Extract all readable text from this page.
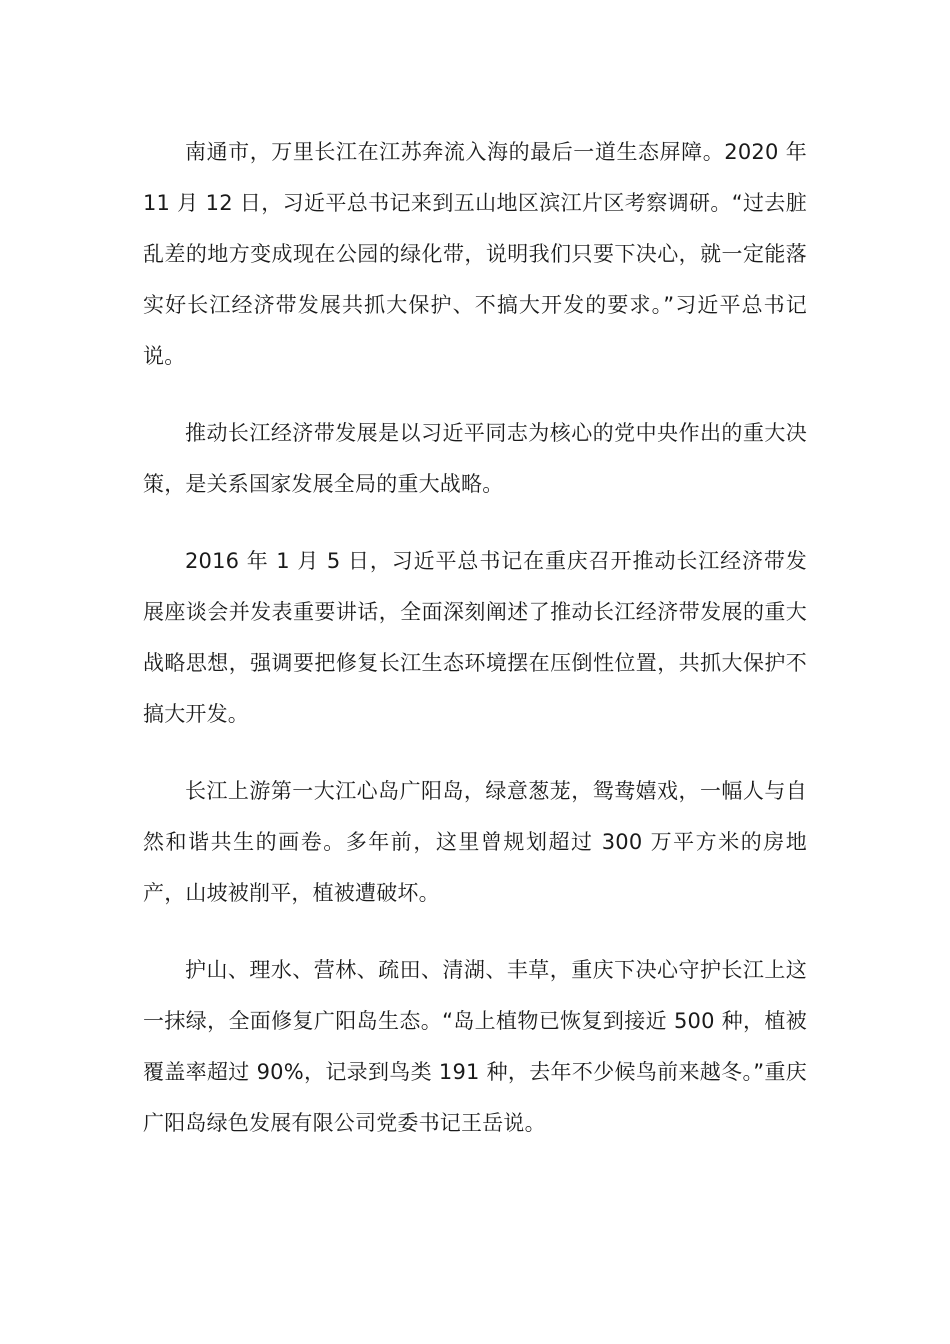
南通市，万里长江在江苏奔流入海的最后一道生态屏障。2020 年 11 月 12 日，习近平总书记来到五山地区滨江片区考察调研。“过去脏乱差的地方变成现在公园的绿化带，说明我们只要下决心，就一定能落实好长江经济带发展共抓大保护、不搞大开发的要求。”习近平总书记说。

推动长江经济带发展是以习近平同志为核心的党中央作出的重大决策，是关系国家发展全局的重大战略。

2016 年 1 月 5 日，习近平总书记在重庆召开推动长江经济带发展座谈会并发表重要讲话，全面深刻阐述了推动长江经济带发展的重大战略思想，强调要把修复长江生态环境摆在压倒性位置，共抓大保护不搞大开发。

长江上游第一大江心岛广阳岛，绿意葱茏，鸳鸯嬉戏，一幅人与自然和谐共生的画卷。多年前，这里曾规划超过 300 万平方米的房地产，山坡被削平，植被遭破坏。

护山、理水、营林、疏田、清湖、丰草，重庆下决心守护长江上这一抹绿，全面修复广阳岛生态。“岛上植物已恢复到接近 500 种，植被覆盖率超过 90%，记录到鸟类 191 种，去年不少候鸟前来越冬。”重庆广阳岛绿色发展有限公司党委书记王岳说。
